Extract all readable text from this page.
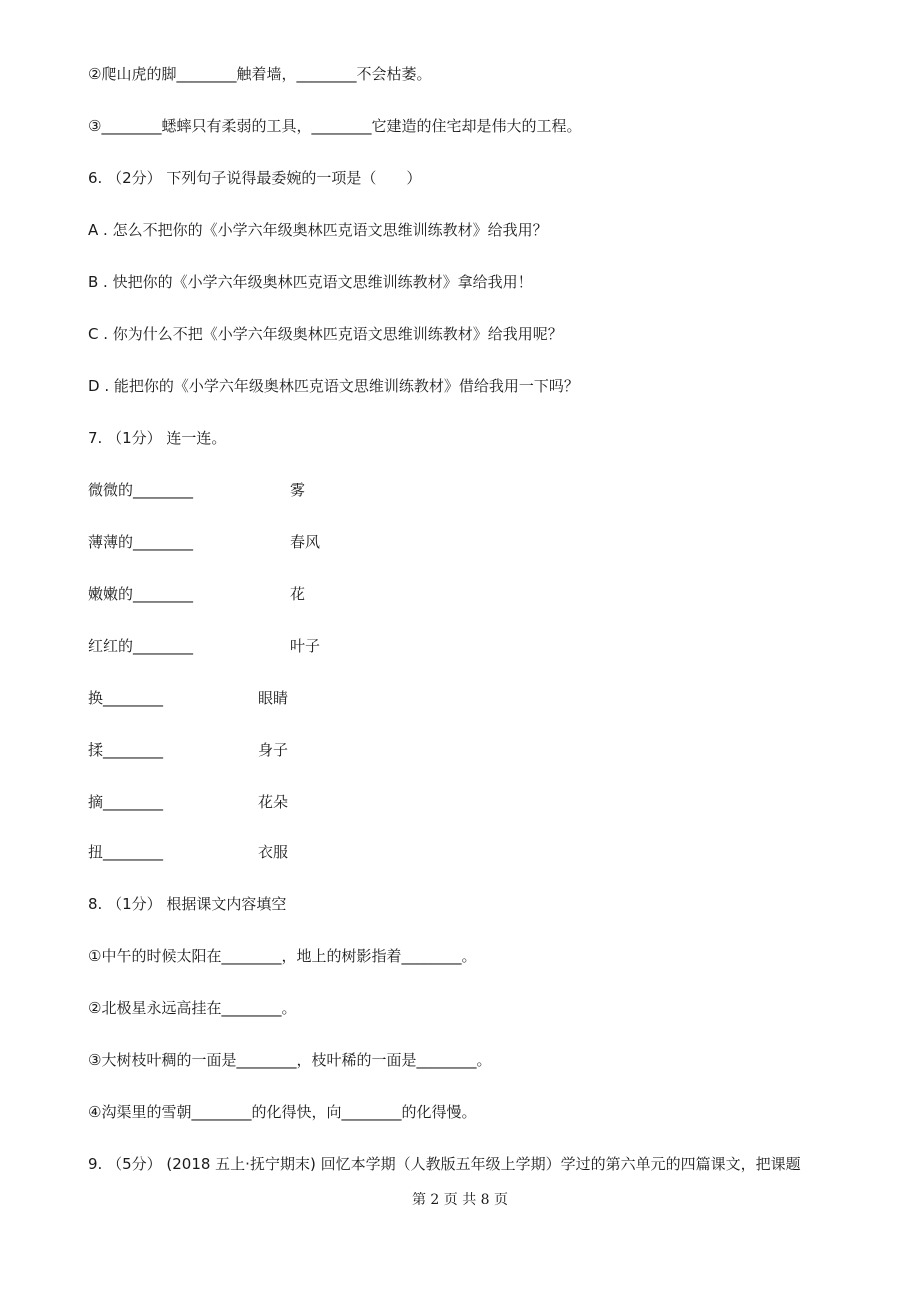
②爬山虎的脚________触着墙，________不会枯萎。
③________蟋蟀只有柔弱的工具，________它建造的住宅却是伟大的工程。
6. （2分） 下列句子说得最委婉的一项是（　　）
A . 怎么不把你的《小学六年级奥林匹克语文思维训练教材》给我用？
B . 快把你的《小学六年级奥林匹克语文思维训练教材》拿给我用！
C . 你为什么不把《小学六年级奥林匹克语文思维训练教材》给我用呢？
D . 能把你的《小学六年级奥林匹克语文思维训练教材》借给我用一下吗？
7. （1分） 连一连。
微微的________	雾
薄薄的________	春风
嫩嫩的________	花
红红的________	叶子
换________	眼睛
揉________	身子
摘________	花朵
扭________	衣服
8. （1分） 根据课文内容填空
①中午的时候太阳在________，地上的树影指着________。
②北极星永远高挂在________。
③大树枝叶稠的一面是________，枝叶稀的一面是________。
④沟渠里的雪朝________的化得快，向________的化得慢。
9. （5分） (2018 五上·抚宁期末) 回忆本学期（人教版五年级上学期）学过的第六单元的四篇课文，把课题
第 2 页 共 8 页
